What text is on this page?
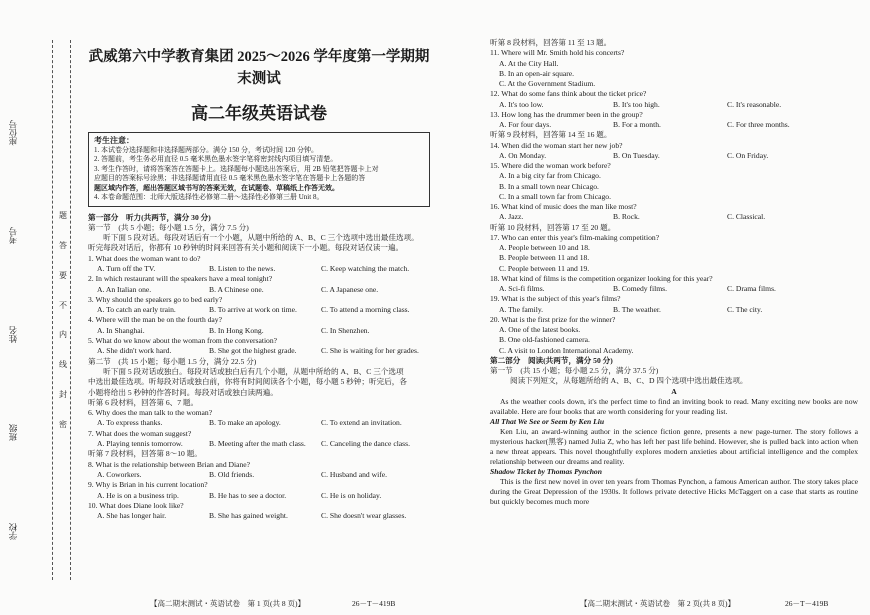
座位号
考号
姓名
班级
学校
题
答
要
不
内
线
封
密
武威第六中学教育集团 2025～2026 学年度第一学期期末测试
高二年级英语试卷
考生注意：
1. 本试卷分选择题和非选择题两部分。满分 150 分，考试时间 120 分钟。
2. 答题前，考生务必用直径 0.5 毫米黑色墨水签字笔将密封线内项目填写清楚。
3. 考生作答时，请将答案答在答题卡上。选择题每小题选出答案后，用 2B 铅笔把答题卡上对
应题目的答案标号涂黑；非选择题请用直径 0.5 毫米黑色墨水签字笔在答题卡上各题的答
题区域内作答，超出答题区域书写的答案无效，在试题卷、草稿纸上作答无效。
4. 本卷命题范围：北师大版选择性必修第二册～选择性必修第三册 Unit 8。
第一部分　听力(共两节，满分 30 分)
第一节　(共 5 小题；每小题 1.5 分，满分 7.5 分)
　　听下面 5 段对话。每段对话后有一个小题，从题中所给的 A、B、C 三个选项中选出最佳选项。
听完每段对话后，你都有 10 秒钟的时间来回答有关小题和阅读下一小题。每段对话仅读一遍。
1. What does the woman want to do?
A. Turn off the TV.	B. Listen to the news.	C. Keep watching the match.
2. In which restaurant will the speakers have a meal tonight?
A. An Italian one.	B. A Chinese one.	C. A Japanese one.
3. Why should the speakers go to bed early?
A. To catch an early train.	B. To arrive at work on time.	C. To attend a morning class.
4. Where will the man be on the fourth day?
A. In Shanghai.	B. In Hong Kong.	C. In Shenzhen.
5. What do we know about the woman from the conversation?
A. She didn't work hard.	B. She got the highest grade.	C. She is waiting for her grades.
第二节　(共 15 小题；每小题 1.5 分，满分 22.5 分)
　　听下面 5 段对话或独白。每段对话或独白后有几个小题，从题中所给的 A、B、C 三个选项
中选出最佳选项。听每段对话或独白前，你将有时间阅读各个小题，每小题 5 秒钟；听完后，各
小题将给出 5 秒钟的作答时间。每段对话或独白读两遍。
听第 6 段材料，回答第 6、7 题。
6. Why does the man talk to the woman?
A. To express thanks.	B. To make an apology.	C. To extend an invitation.
7. What does the woman suggest?
A. Playing tennis tomorrow.	B. Meeting after the math class.	C. Canceling the dance class.
听第 7 段材料，回答第 8～10 题。
8. What is the relationship between Brian and Diane?
A. Coworkers.	B. Old friends.	C. Husband and wife.
9. Why is Brian in his current location?
A. He is on a business trip.	B. He has to see a doctor.	C. He is on holiday.
10. What does Diane look like?
A. She has longer hair.	B. She has gained weight.	C. She doesn't wear glasses.
【高二期末测试・英语试卷　第 1 页(共 8 页)】	26－T－419B
听第 8 段材料，回答第 11 至 13 题。
11. Where will Mr. Smith hold his concerts?
A. At the City Hall.
B. In an open-air square.
C. At the Government Stadium.
12. What do some fans think about the ticket price?
A. It's too low.	B. It's too high.	C. It's reasonable.
13. How long has the drummer been in the group?
A. For four days.	B. For a month.	C. For three months.
听第 9 段材料，回答第 14 至 16 题。
14. When did the woman start her new job?
A. On Monday.	B. On Tuesday.	C. On Friday.
15. Where did the woman work before?
A. In a big city far from Chicago.
B. In a small town near Chicago.
C. In a small town far from Chicago.
16. What kind of music does the man like most?
A. Jazz.	B. Rock.	C. Classical.
听第 10 段材料，回答第 17 至 20 题。
17. Who can enter this year's film-making competition?
A. People between 10 and 18.
B. People between 11 and 18.
C. People between 11 and 19.
18. What kind of films is the competition organizer looking for this year?
A. Sci-fi films.	B. Comedy films.	C. Drama films.
19. What is the subject of this year's films?
A. The family.	B. The weather.	C. The city.
20. What is the first prize for the winner?
A. One of the latest books.
B. One old-fashioned camera.
C. A visit to London International Academy.
第二部分　阅读(共两节，满分 50 分)
第一节　(共 15 小题；每小题 2.5 分，满分 37.5 分)
阅读下列短文，从每题所给的 A、B、C、D 四个选项中选出最佳选项。
A
As the weather cools down, it's the perfect time to find an inviting book to read. Many exciting new books are now available. Here are four books that are worth considering for your reading list.
All That We See or Seem by Ken Liu
Ken Liu, an award-winning author in the science fiction genre, presents a new page-turner. The story follows a mysterious hacker(黑客) named Julia Z, who has left her past life behind. However, she is pulled back into action when a new threat appears. This novel thoughtfully explores modern anxieties about artificial intelligence and the complex relationship between our dreams and reality.
Shadow Ticket by Thomas Pynchon
This is the first new novel in over ten years from Thomas Pynchon, a famous American author. The story takes place during the Great Depression of the 1930s. It follows private detective Hicks McTaggert on a case that starts as routine but quickly becomes much more
【高二期末测试・英语试卷　第 2 页(共 8 页)】	26－T－419B
